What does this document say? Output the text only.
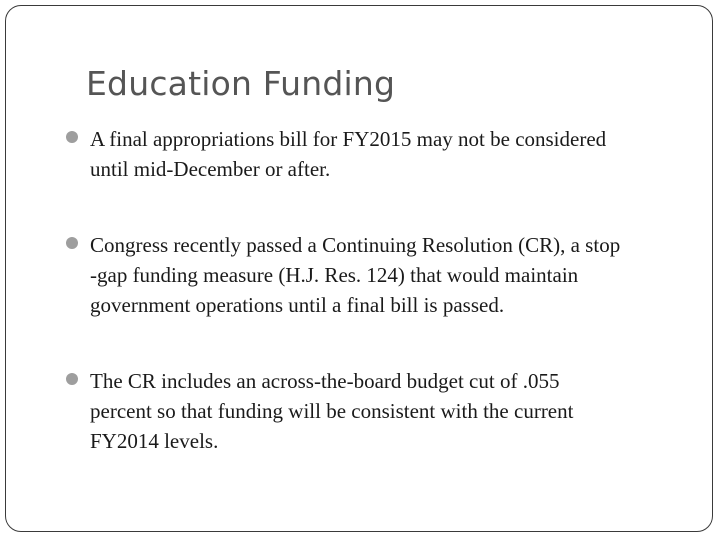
Education Funding
A final appropriations bill for FY2015 may not be considered
until mid-December or after.
Congress recently passed a Continuing Resolution (CR), a stop
-gap funding measure (H.J. Res. 124) that would maintain
government operations until a final bill is passed.
The CR includes an across-the-board budget cut of .055
percent so that funding will be consistent with the current
FY2014 levels.
